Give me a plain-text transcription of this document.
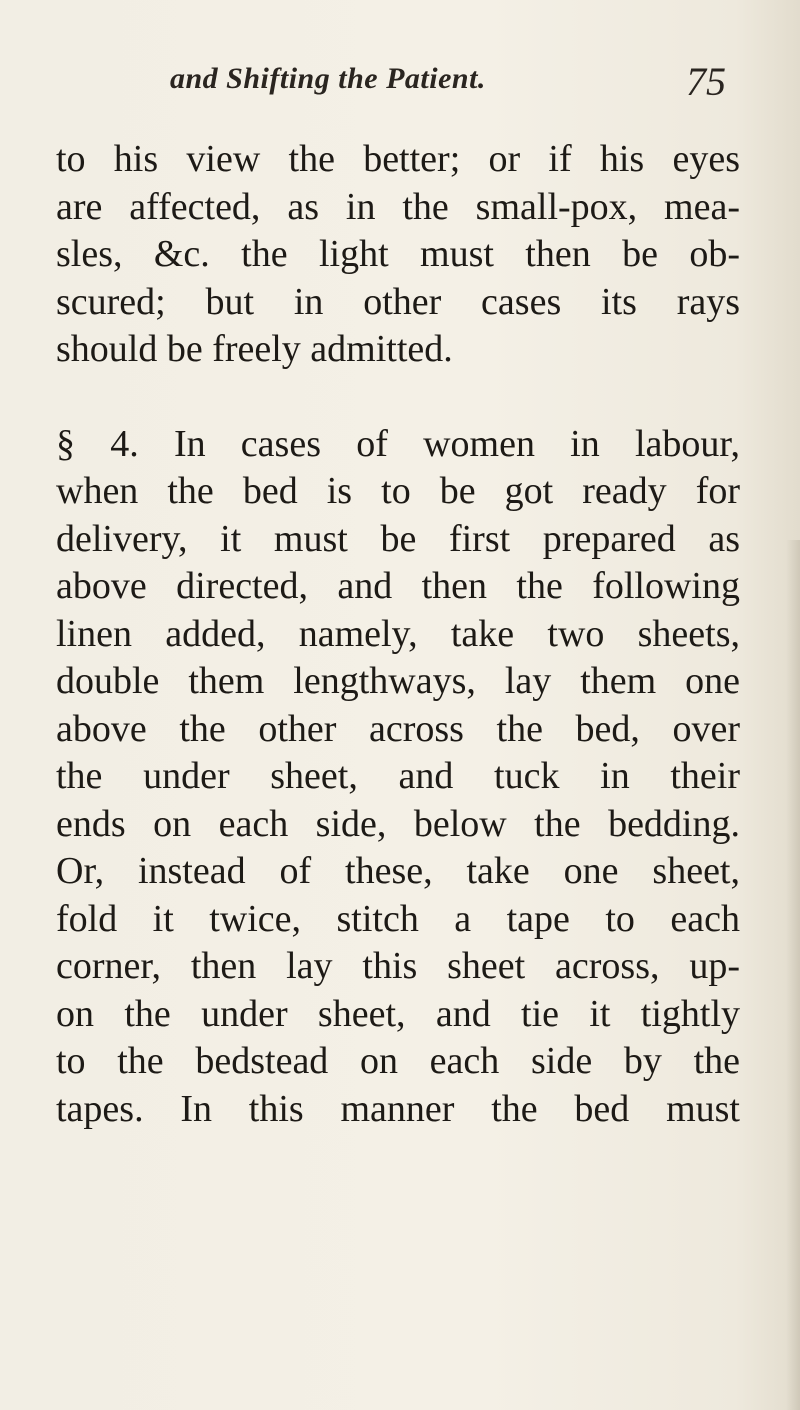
and Shifting the Patient.	75
to his view the better; or if his eyes
are affected, as in the small-pox, mea-
sles, &c. the light must then be ob-
scured; but in other cases its rays
should be freely admitted.
§ 4. In cases of women in labour,
when the bed is to be got ready for
delivery, it must be first prepared as
above directed, and then the following
linen added, namely, take two sheets,
double them lengthways, lay them one
above the other across the bed, over
the under sheet, and tuck in their
ends on each side, below the bedding.
Or, instead of these, take one sheet,
fold it twice, stitch a tape to each
corner, then lay this sheet across, up-
on the under sheet, and tie it tightly
to the bedstead on each side by the
tapes. In this manner the bed must
